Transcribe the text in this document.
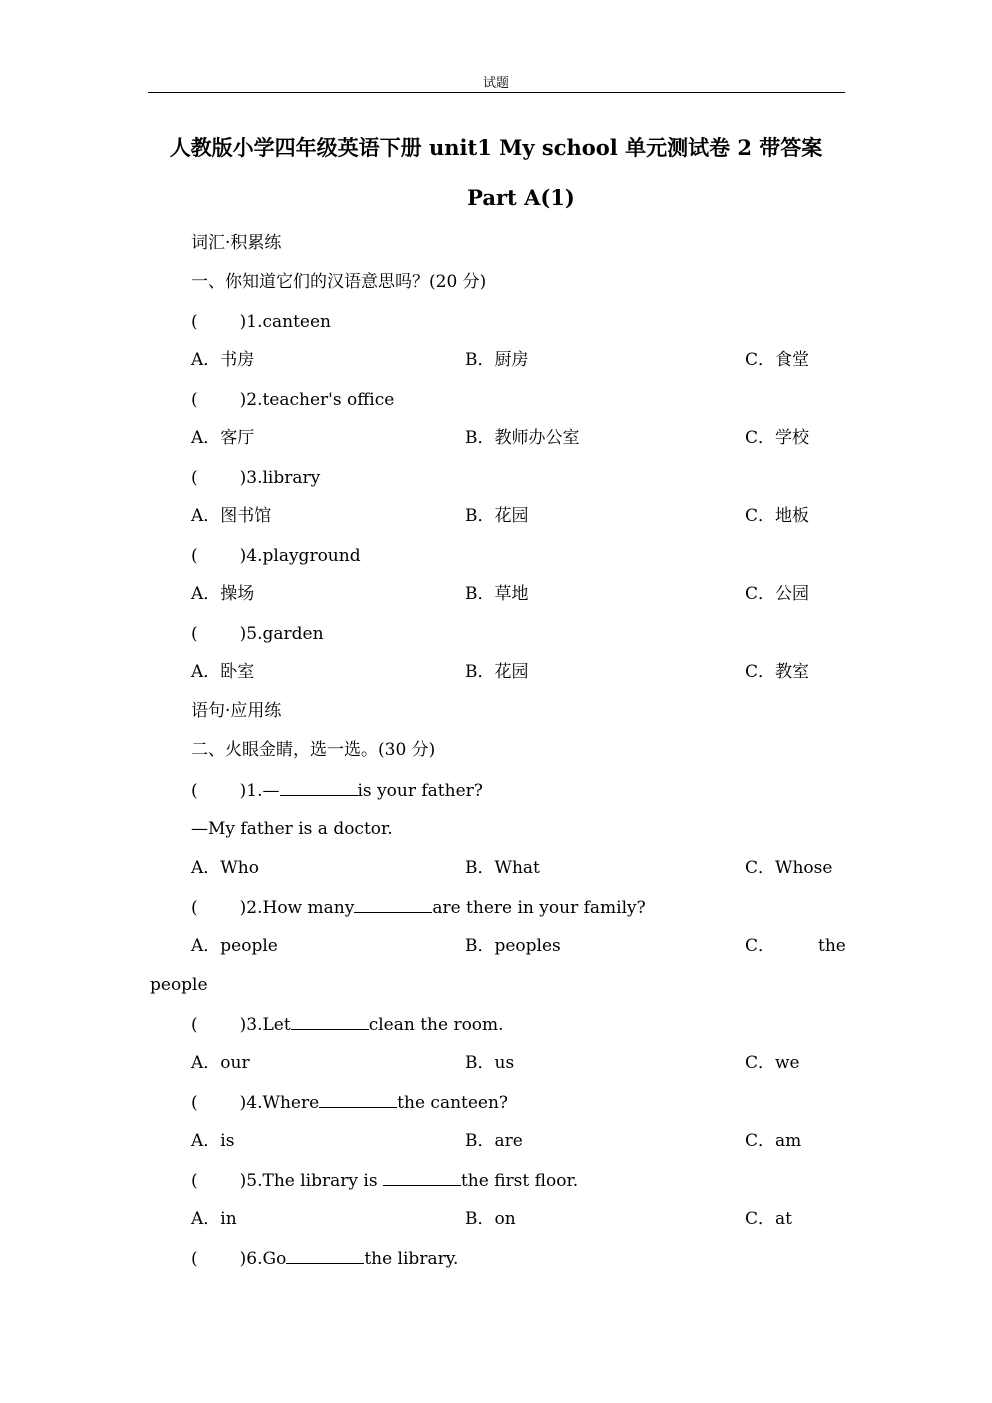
试题
人教版小学四年级英语下册 unit1 My school 单元测试卷 2 带答案
Part A(1)
词汇·积累练
一、你知道它们的汉语意思吗？(20 分)
( )1.canteen
A．书房	B．厨房	C．食堂
( )2.teacher's office
A．客厅	B．教师办公室	C．学校
( )3.library
A．图书馆	B．花园	C．地板
( )4.playground
A．操场	B．草地	C．公园
( )5.garden
A．卧室	B．花园	C．教室
语句·应用练
二、火眼金睛，选一选。(30 分)
( )1.—	is your father?
—My father is a doctor.
A．Who	B．What	C．Whose
( )2.How many	are there in your family?
A．people	B．peoples	C．	the
people
( )3.Let	clean the room.
A．our	B．us	C．we
( )4.Where	the canteen?
A．is	B．are	C．am
( )5.The library is	the first floor.
A．in	B．on	C．at
( )6.Go	the library.
